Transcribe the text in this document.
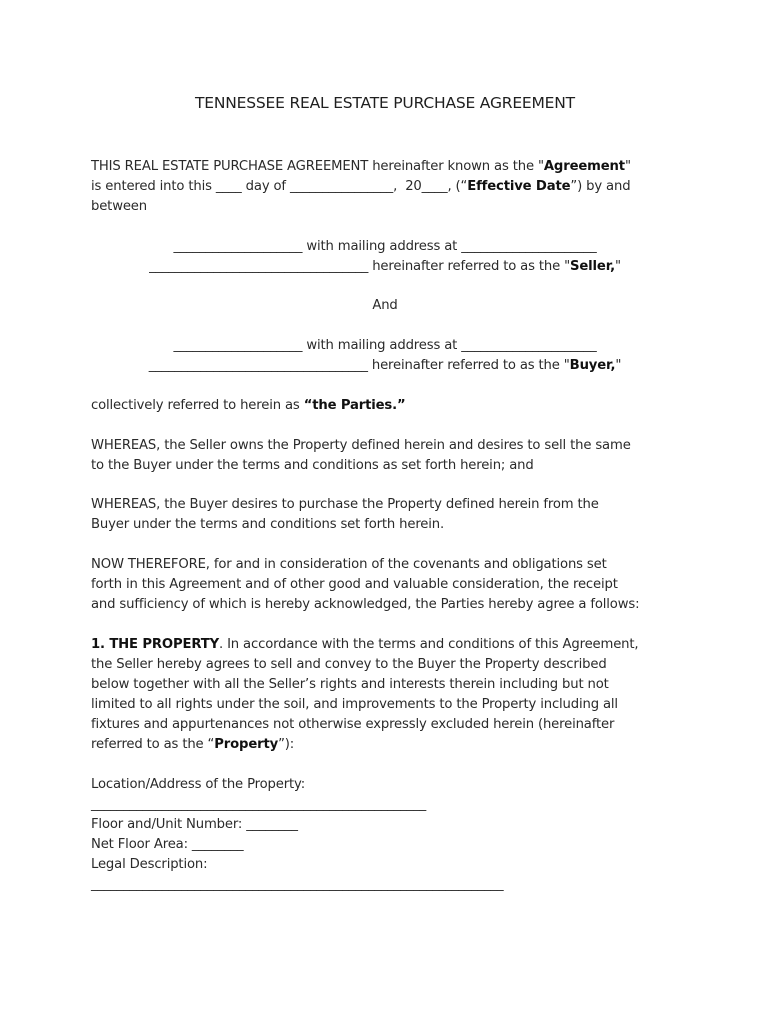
TENNESSEE REAL ESTATE PURCHASE AGREEMENT
THIS REAL ESTATE PURCHASE AGREEMENT hereinafter known as the "Agreement"
is entered into this ____ day of ________________,  20____, (“Effective Date”) by and
between
____________________ with mailing address at _____________________
__________________________________ hereinafter referred to as the "Seller,"
And
____________________ with mailing address at _____________________
__________________________________ hereinafter referred to as the "Buyer,"
collectively referred to herein as “the Parties.”
WHEREAS, the Seller owns the Property defined herein and desires to sell the same
to the Buyer under the terms and conditions as set forth herein; and
WHEREAS, the Buyer desires to purchase the Property defined herein from the
Buyer under the terms and conditions set forth herein.
NOW THEREFORE, for and in consideration of the covenants and obligations set
forth in this Agreement and of other good and valuable consideration, the receipt
and sufficiency of which is hereby acknowledged, the Parties hereby agree a follows:
1. THE PROPERTY. In accordance with the terms and conditions of this Agreement,
the Seller hereby agrees to sell and convey to the Buyer the Property described
below together with all the Seller’s rights and interests therein including but not
limited to all rights under the soil, and improvements to the Property including all
fixtures and appurtenances not otherwise expressly excluded herein (hereinafter
referred to as the “Property”):
Location/Address of the Property:
____________________________________________________
Floor and/Unit Number: ________
Net Floor Area: ________
Legal Description:
________________________________________________________________
